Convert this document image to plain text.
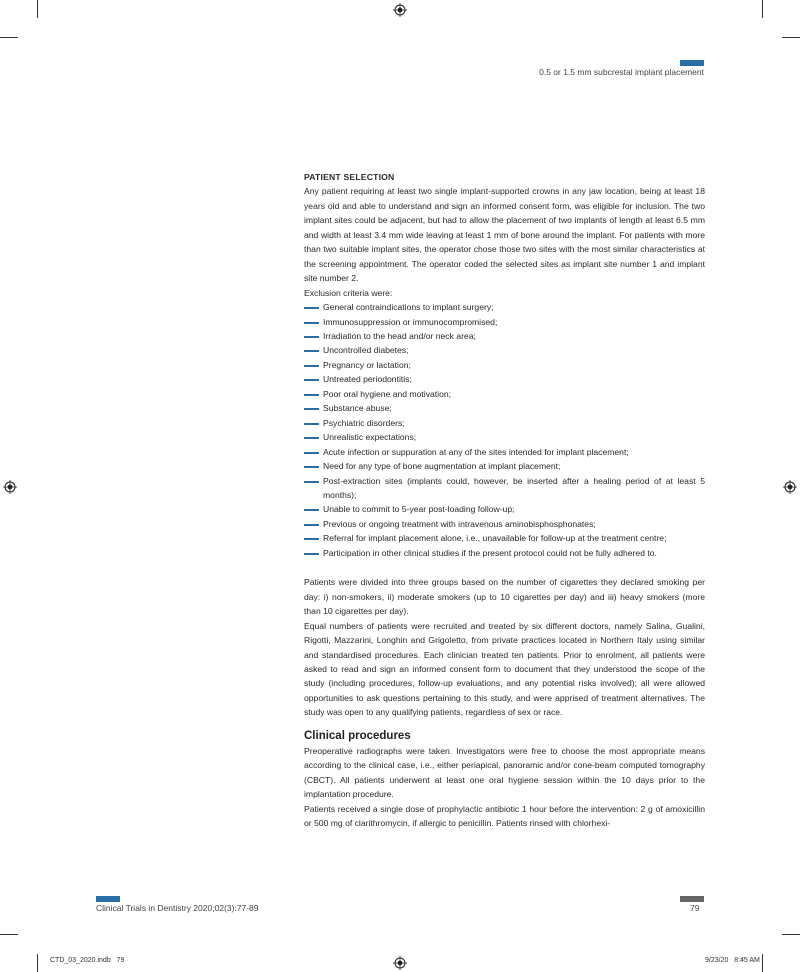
0.5 or 1.5 mm subcrestal implant placement

PATIENT SELECTION

Any patient requiring at least two single implant-supported crowns in any jaw location, being at least 18 years old and able to understand and sign an informed consent form, was eligible for inclusion. The two implant sites could be adjacent, but had to allow the placement of two implants of length at least 6.5 mm and width at least 3.4 mm wide leaving at least 1 mm of bone around the implant. For patients with more than two suitable implant sites, the operator chose those two sites with the most similar characteristics at the screening appointment. The operator coded the selected sites as implant site number 1 and implant site number 2.

Exclusion criteria were:

General contraindications to implant surgery;
Immunosuppression or immunocompromised;
Irradiation to the head and/or neck area;
Uncontrolled diabetes;
Pregnancy or lactation;
Untreated periodontitis;
Poor oral hygiene and motivation;
Substance abuse;
Psychiatric disorders;
Unrealistic expectations;
Acute infection or suppuration at any of the sites intended for implant placement;
Need for any type of bone augmentation at implant placement;
Post-extraction sites (implants could, however, be inserted after a healing period of at least 5 months);
Unable to commit to 5-year post-loading follow-up;
Previous or ongoing treatment with intravenous aminobisphosphonates;
Referral for implant placement alone, i.e., unavailable for follow-up at the treatment centre;
Participation in other clinical studies if the present protocol could not be fully adhered to.

Patients were divided into three groups based on the number of cigarettes they declared smoking per day: i) non-smokers, ii) moderate smokers (up to 10 cigarettes per day) and iii) heavy smokers (more than 10 cigarettes per day).

Equal numbers of patients were recruited and treated by six different doctors, namely Salina, Gualini, Rigotti, Mazzarini, Longhin and Grigoletto, from private practices located in Northern Italy using similar and standardised procedures. Each clinician treated ten patients. Prior to enrolment, all patients were asked to read and sign an informed consent form to document that they understood the scope of the study (including procedures, follow-up evaluations, and any potential risks involved); all were allowed opportunities to ask questions pertaining to this study, and were apprised of treatment alternatives. The study was open to any qualifying patients, regardless of sex or race.

Clinical procedures

Preoperative radiographs were taken. Investigators were free to choose the most appropriate means according to the clinical case, i.e., either periapical, panoramic and/or cone-beam computed tomography (CBCT). All patients underwent at least one oral hygiene session within the 10 days prior to the implantation procedure.

Patients received a single dose of prophylactic antibiotic 1 hour before the intervention: 2 g of amoxicillin or 500 mg of clarithromycin, if allergic to penicillin. Patients rinsed with chlorhexi-

Clinical Trials in Dentistry 2020;02(3):77-89	79
CTD_03_2020.indb   79	9/23/20   8:45 AM
